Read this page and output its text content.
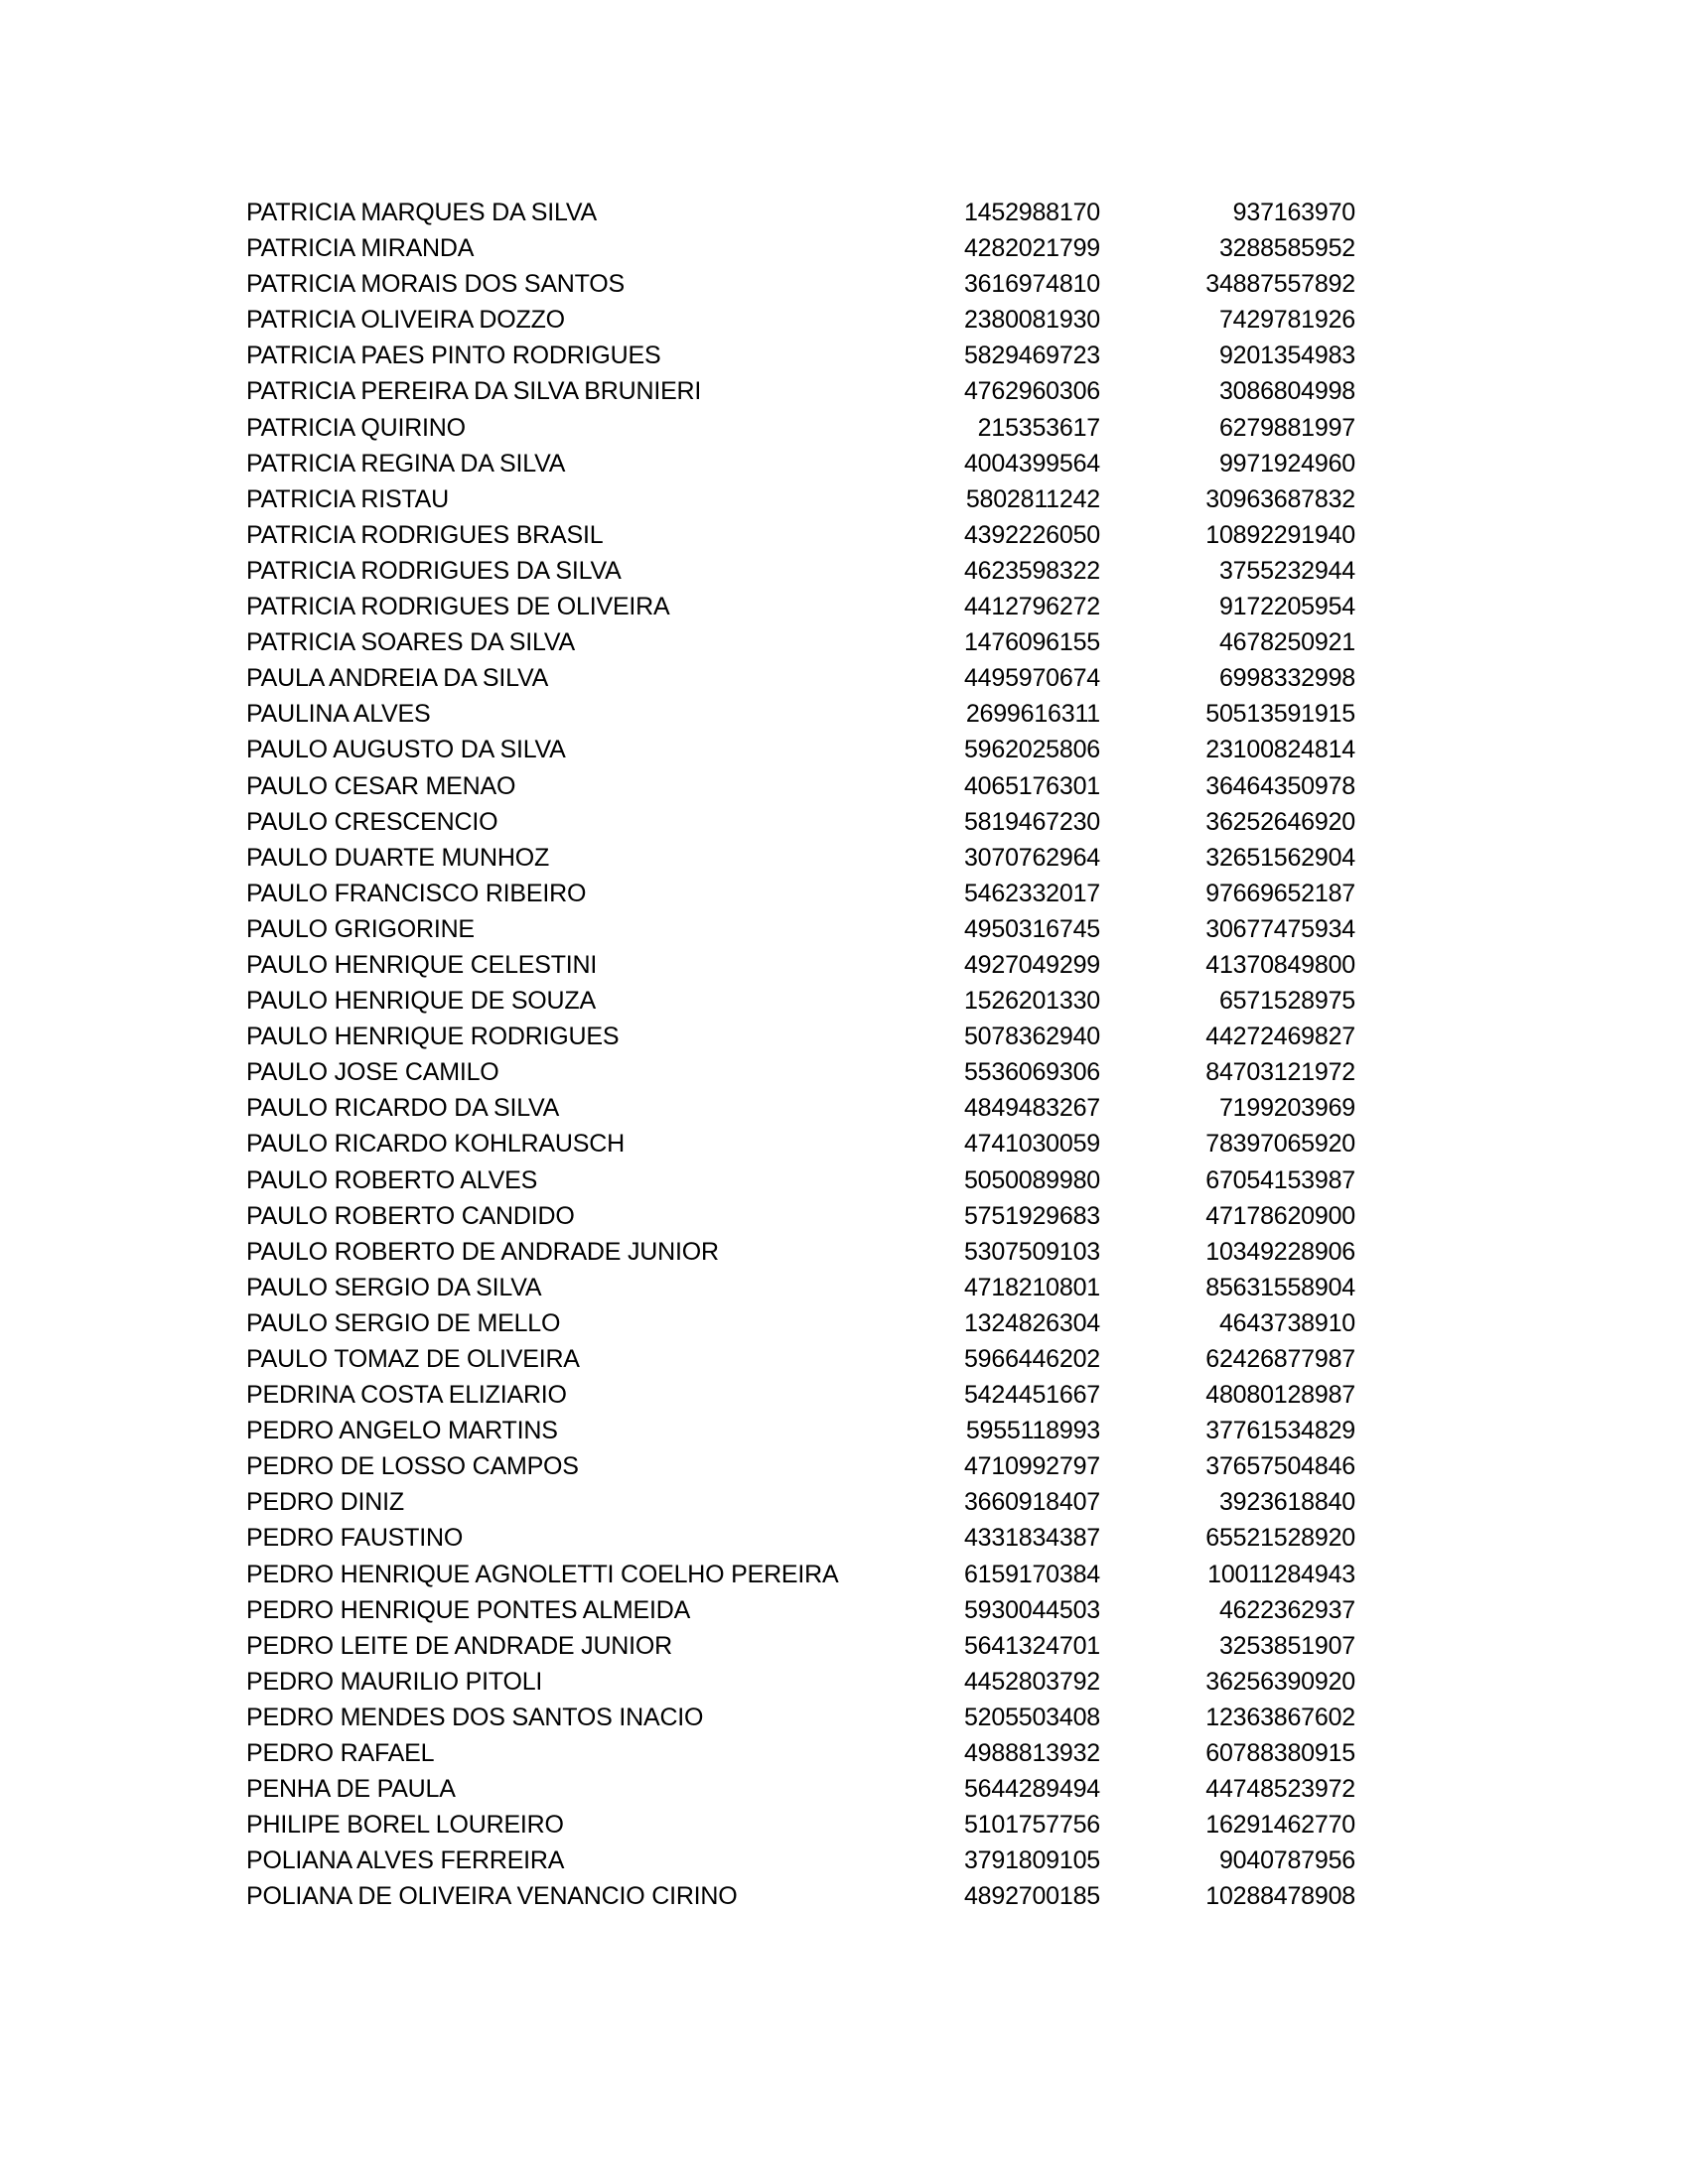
PATRICIA MARQUES DA SILVA	1452988170	937163970
PATRICIA MIRANDA	4282021799	3288585952
PATRICIA MORAIS DOS SANTOS	3616974810	34887557892
PATRICIA OLIVEIRA DOZZO	2380081930	7429781926
PATRICIA PAES PINTO RODRIGUES	5829469723	9201354983
PATRICIA PEREIRA DA SILVA BRUNIERI	4762960306	3086804998
PATRICIA QUIRINO	215353617	6279881997
PATRICIA REGINA DA SILVA	4004399564	9971924960
PATRICIA RISTAU	5802811242	30963687832
PATRICIA RODRIGUES BRASIL	4392226050	10892291940
PATRICIA RODRIGUES DA SILVA	4623598322	3755232944
PATRICIA RODRIGUES DE OLIVEIRA	4412796272	9172205954
PATRICIA SOARES DA SILVA	1476096155	4678250921
PAULA ANDREIA DA SILVA	4495970674	6998332998
PAULINA ALVES	2699616311	50513591915
PAULO AUGUSTO DA SILVA	5962025806	23100824814
PAULO CESAR MENAO	4065176301	36464350978
PAULO CRESCENCIO	5819467230	36252646920
PAULO DUARTE MUNHOZ	3070762964	32651562904
PAULO FRANCISCO RIBEIRO	5462332017	97669652187
PAULO GRIGORINE	4950316745	30677475934
PAULO HENRIQUE CELESTINI	4927049299	41370849800
PAULO HENRIQUE DE SOUZA	1526201330	6571528975
PAULO HENRIQUE RODRIGUES	5078362940	44272469827
PAULO JOSE CAMILO	5536069306	84703121972
PAULO RICARDO DA SILVA	4849483267	7199203969
PAULO RICARDO KOHLRAUSCH	4741030059	78397065920
PAULO ROBERTO ALVES	5050089980	67054153987
PAULO ROBERTO CANDIDO	5751929683	47178620900
PAULO ROBERTO DE ANDRADE JUNIOR	5307509103	10349228906
PAULO SERGIO DA SILVA	4718210801	85631558904
PAULO SERGIO DE MELLO	1324826304	4643738910
PAULO TOMAZ DE OLIVEIRA	5966446202	62426877987
PEDRINA COSTA ELIZIARIO	5424451667	48080128987
PEDRO ANGELO MARTINS	5955118993	37761534829
PEDRO DE LOSSO CAMPOS	4710992797	37657504846
PEDRO DINIZ	3660918407	3923618840
PEDRO FAUSTINO	4331834387	65521528920
PEDRO HENRIQUE AGNOLETTI COELHO PEREIRA	6159170384	10011284943
PEDRO HENRIQUE PONTES ALMEIDA	5930044503	4622362937
PEDRO LEITE DE ANDRADE JUNIOR	5641324701	3253851907
PEDRO MAURILIO PITOLI	4452803792	36256390920
PEDRO MENDES DOS SANTOS INACIO	5205503408	12363867602
PEDRO RAFAEL	4988813932	60788380915
PENHA DE PAULA	5644289494	44748523972
PHILIPE BOREL LOUREIRO	5101757756	16291462770
POLIANA ALVES FERREIRA	3791809105	9040787956
POLIANA DE OLIVEIRA VENANCIO CIRINO	4892700185	10288478908
